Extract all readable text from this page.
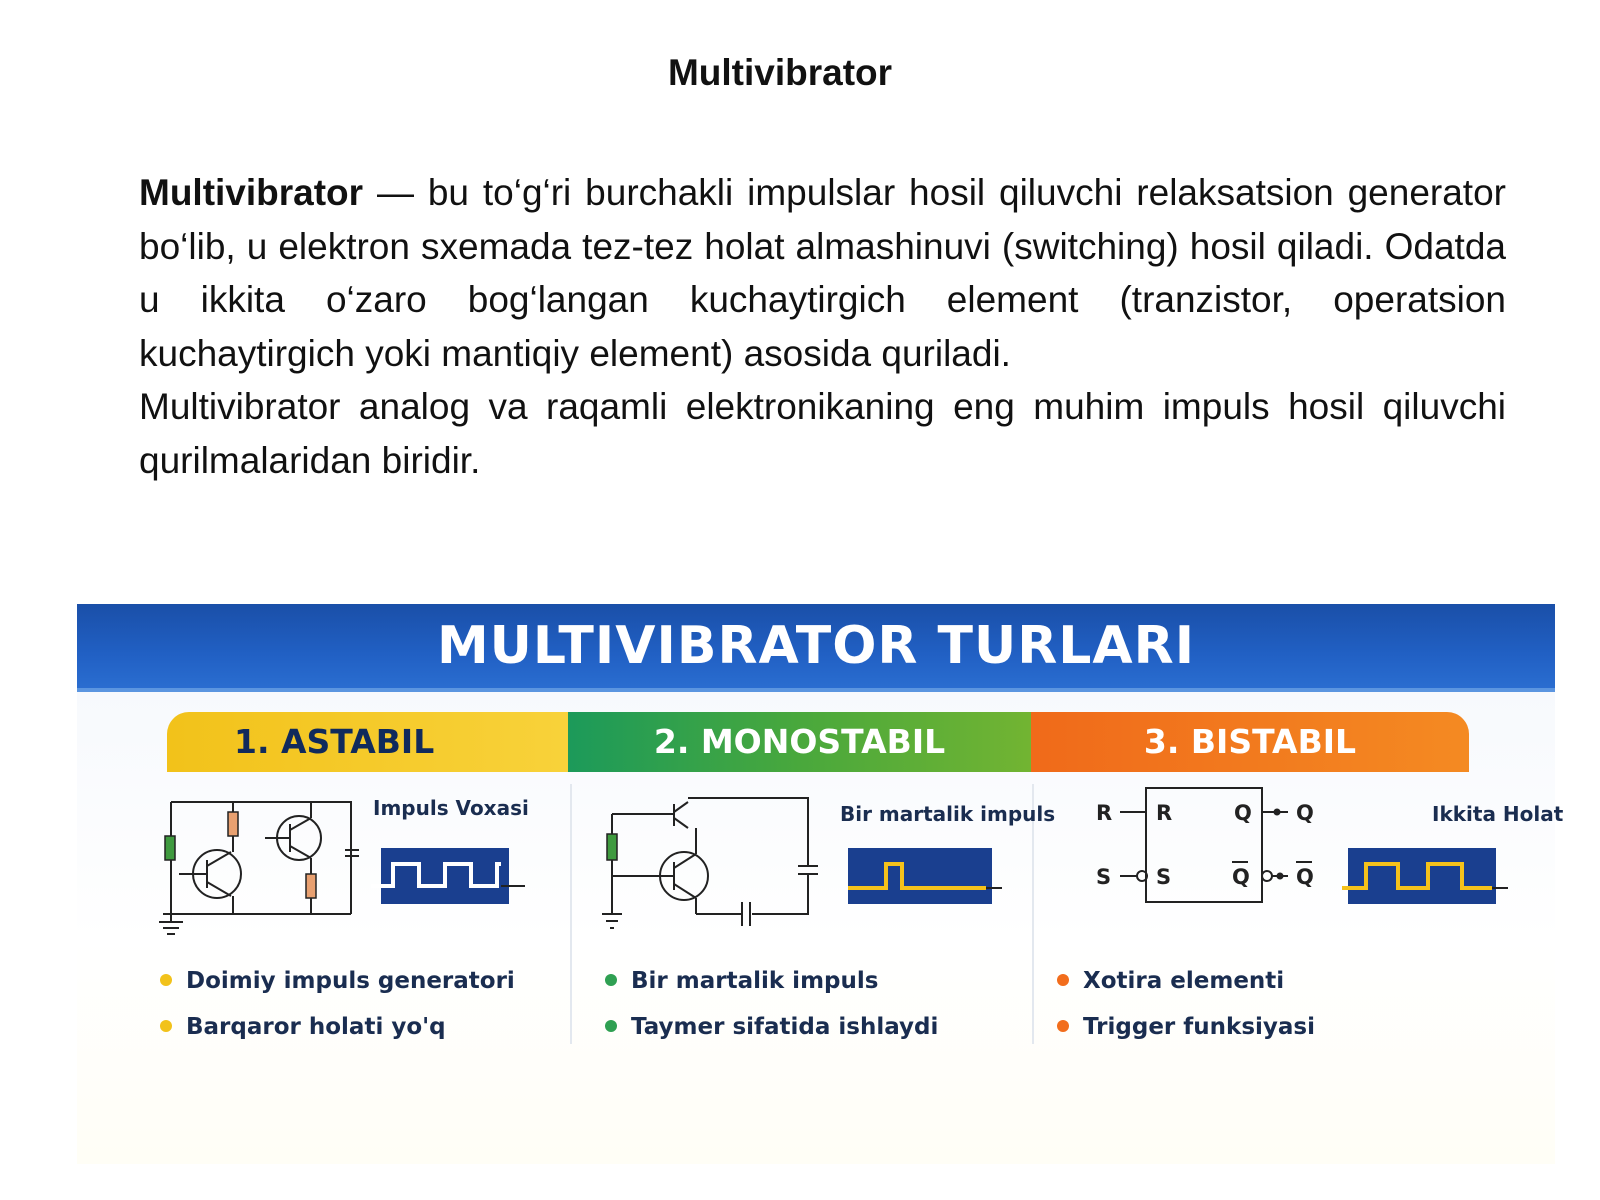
Multivibrator

Multivibrator — bu to‘g‘ri burchakli impulslar hosil qiluvchi relaksatsion generator bo‘lib, u elektron sxemada tez-tez holat almashinuvi (switching) hosil qiladi. Odatda u ikkita o‘zaro bog‘langan kuchaytirgich element (tranzistor, operatsion kuchaytirgich yoki mantiqiy element) asosida quriladi.

Multivibrator analog va raqamli elektronikaning eng muhim impuls hosil qiluvchi qurilmalaridan biridir.

MULTIVIBRATOR TURLARI
1. ASTABIL	2. MONOSTABIL	3. BISTABIL
Impuls Voxasi
Doimiy impuls generatori
Barqaror holati yo'q
Bir martalik impuls
Bir martalik impuls
Taymer sifatida ishlaydi
R
S
R
S
Q
Q
Q
Q
Ikkita Holat
Xotira elementi
Trigger funksiyasi
